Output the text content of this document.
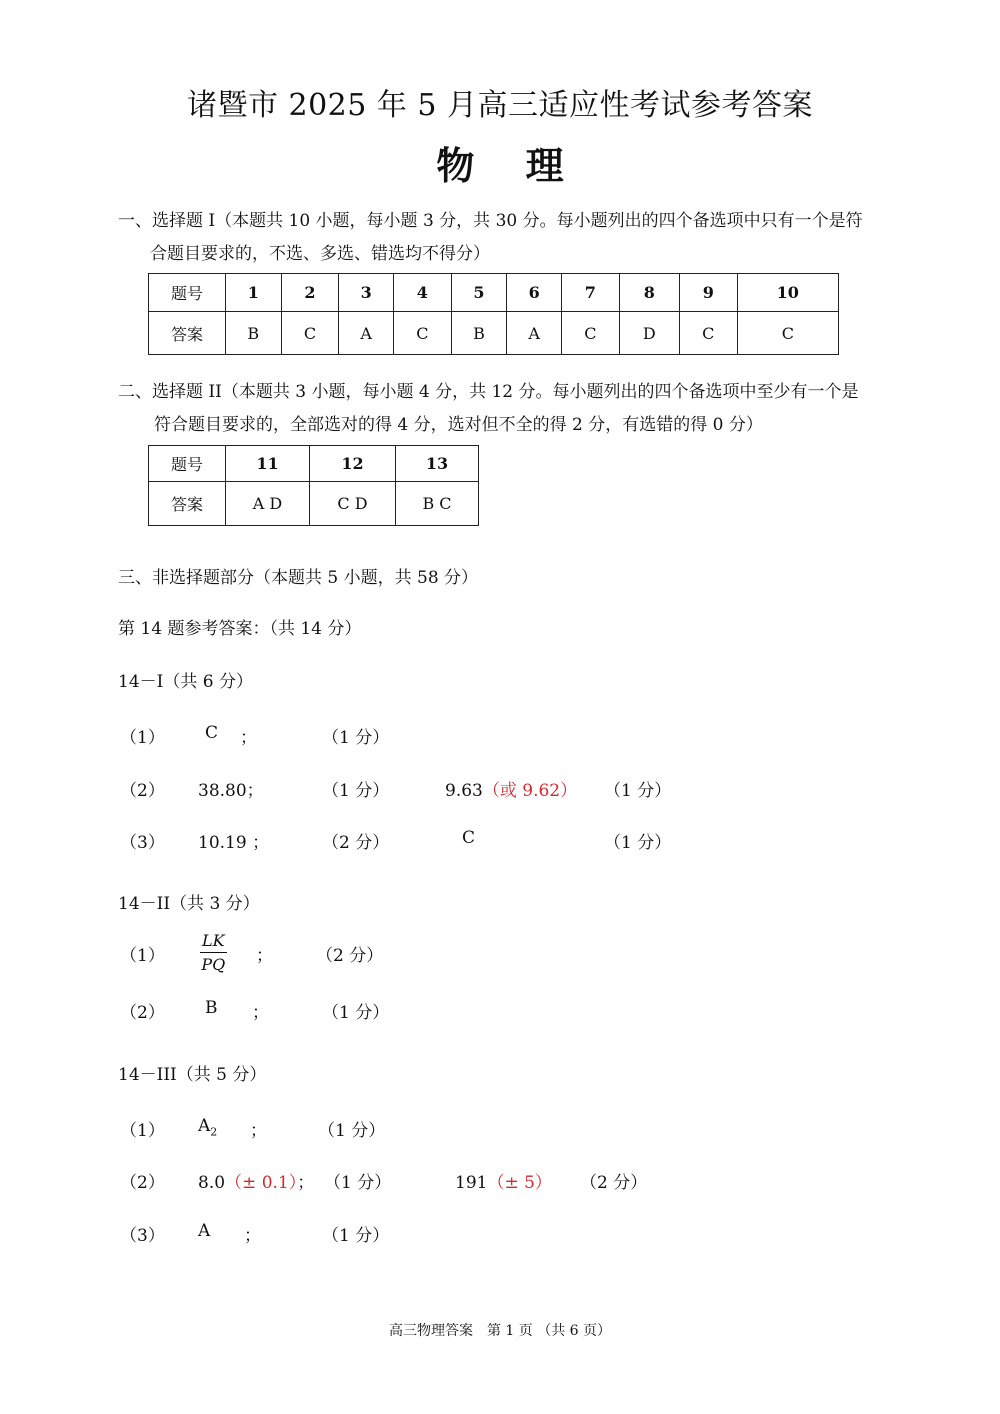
诸暨市 2025 年 5 月高三适应性考试参考答案
物　 理
一、选择题 I（本题共 10 小题，每小题 3 分，共 30 分。每小题列出的四个备选项中只有一个是符
合题目要求的，不选、多选、错选均不得分）
题号	1	2	3	4	5	6	7	8	9	10
答案	B	C	A	C	B	A	C	D	C	C
二、选择题 II（本题共 3 小题，每小题 4 分，共 12 分。每小题列出的四个备选项中至少有一个是
符合题目要求的，全部选对的得 4 分，选对但不全的得 2 分，有选错的得 0 分）
题号	11	12	13
答案	A D	C D	B C
三、非选择题部分（本题共 5 小题，共 58 分）
第 14 题参考答案：（共 14 分）
14－I（共 6 分）
（1） C ；	（1 分）
（2） 38.80；	（1 分）	9.63（或 9.62） （1 分）
（3） 10.19 ；	（2 分）	C	（1 分）
14－II（共 3 分）
$(1) \frac{LK}{PQ}$ ；	（2 分）
（2） B ；	（1 分）
14－III（共 5 分）
（1） $A_2$ ；	（1 分）
（2） 8.0（± 0.1）； （1 分）	191（± 5） （2 分）
（3） A ；	（1 分）
高三物理答案　第 1 页 （共 6 页）
